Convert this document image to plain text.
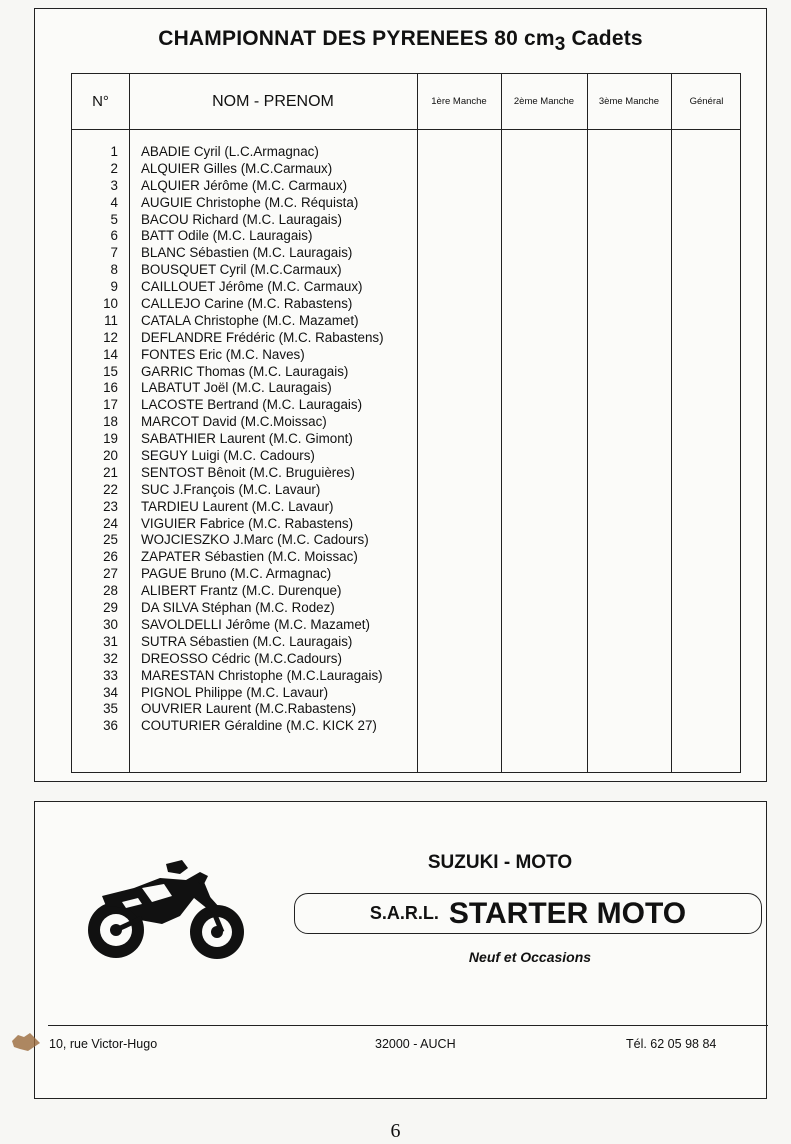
CHAMPIONNAT DES PYRENEES 80 $cm_3$ Cadets
N°	NOM - PRENOM	1ère Manche	2ème Manche	3ème Manche	Général
1 ABADIE Cyril (L.C.Armagnac)
2 ALQUIER Gilles (M.C.Carmaux)
3 ALQUIER Jérôme (M.C. Carmaux)
4 AUGUIE Christophe (M.C. Réquista)
5 BACOU Richard (M.C. Lauragais)
6 BATT Odile (M.C. Lauragais)
7 BLANC Sébastien (M.C. Lauragais)
8 BOUSQUET Cyril (M.C.Carmaux)
9 CAILLOUET Jérôme (M.C. Carmaux)
10 CALLEJO Carine (M.C. Rabastens)
11 CATALA Christophe (M.C. Mazamet)
12 DEFLANDRE Frédéric (M.C. Rabastens)
14 FONTES Eric (M.C. Naves)
15 GARRIC Thomas (M.C. Lauragais)
16 LABATUT Joël (M.C. Lauragais)
17 LACOSTE Bertrand (M.C. Lauragais)
18 MARCOT David (M.C.Moissac)
19 SABATHIER Laurent (M.C. Gimont)
20 SEGUY Luigi (M.C. Cadours)
21 SENTOST Bênoit (M.C. Bruguières)
22 SUC J.François (M.C. Lavaur)
23 TARDIEU Laurent (M.C. Lavaur)
24 VIGUIER Fabrice (M.C. Rabastens)
25 WOJCIESZKO J.Marc (M.C. Cadours)
26 ZAPATER Sébastien (M.C. Moissac)
27 PAGUE Bruno (M.C. Armagnac)
28 ALIBERT Frantz (M.C. Durenque)
29 DA SILVA Stéphan (M.C. Rodez)
30 SAVOLDELLI Jérôme (M.C. Mazamet)
31 SUTRA Sébastien (M.C. Lauragais)
32 DREOSSO Cédric (M.C.Cadours)
33 MARESTAN Christophe (M.C.Lauragais)
34 PIGNOL Philippe (M.C. Lavaur)
35 OUVRIER Laurent (M.C.Rabastens)
36 COUTURIER Géraldine (M.C. KICK 27)
SUZUKI - MOTO
S.A.R.L. STARTER MOTO
Neuf et Occasions
10, rue Victor-Hugo	32000 - AUCH	Tél. 62 05 98 84
6
